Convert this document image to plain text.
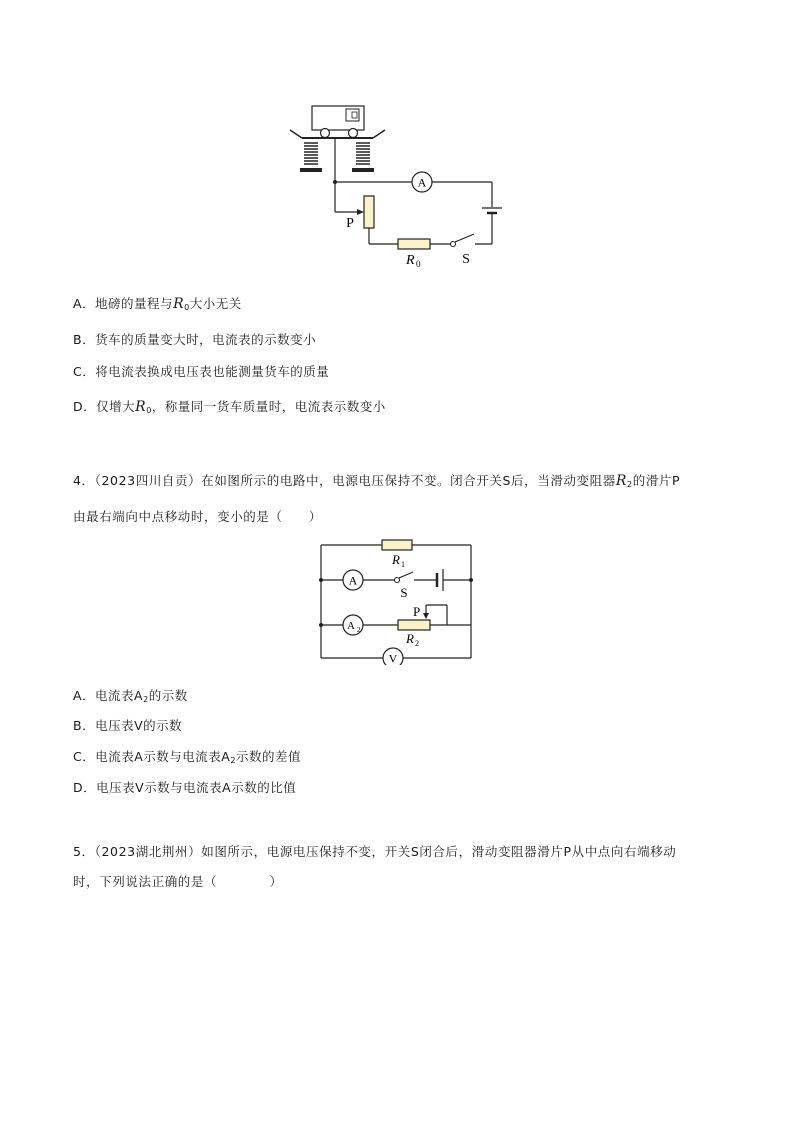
A
P
R 0	S
A．地磅的量程与$R_0$大小无关
B．货车的质量变大时，电流表的示数变小
C．将电流表换成电压表也能测量货车的质量
D．仅增大$R_0$，称量同一货车质量时，电流表示数变小
4．（2023四川自贡）在如图所示的电路中，电源电压保持不变。闭合开关S后，当滑动变阻器$R_2$的滑片P
由最右端向中点移动时，变小的是（　　）
R 1
A
S
A 2
R 2
P
V
A．电流表$A_2$的示数
B．电压表V的示数
C．电流表A示数与电流表$A_2$示数的差值
D．电压表V示数与电流表A示数的比值
5．（2023湖北荆州）如图所示，电源电压保持不变，开关S闭合后，滑动变阻器滑片P从中点向右端移动
时，下列说法正确的是（　　　　）
